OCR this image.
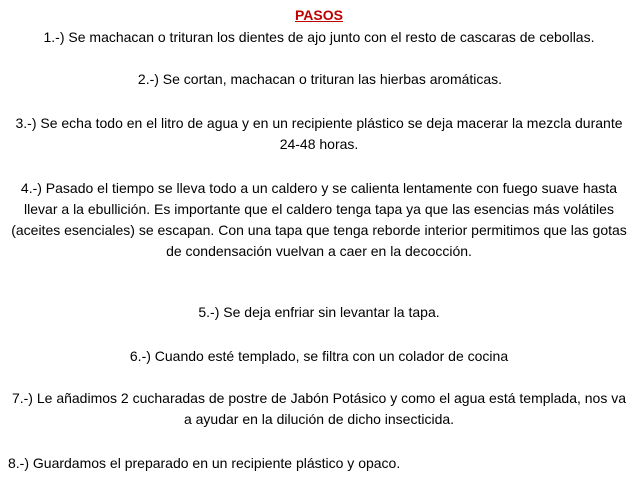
PASOS
1.-) Se machacan o trituran los dientes de ajo junto con el resto de cascaras de cebollas.
2.-) Se cortan, machacan o trituran las hierbas aromáticas.
3.-) Se echa todo en el litro de agua y en un recipiente plástico se deja macerar la mezcla durante 24-48 horas.
4.-) Pasado el tiempo se lleva todo a un caldero y se calienta lentamente con fuego suave hasta llevar a la ebullición. Es importante que el caldero tenga tapa ya que las esencias más volátiles (aceites esenciales) se escapan. Con una tapa que tenga reborde interior permitimos que las gotas de condensación vuelvan a caer en la decocción.
5.-) Se deja enfriar sin levantar la tapa.
6.-) Cuando esté templado, se filtra con un colador de cocina
7.-) Le añadimos 2 cucharadas de postre de Jabón Potásico y como el agua está templada, nos va a ayudar en la dilución de dicho insecticida.
8.-) Guardamos el preparado en un recipiente plástico y opaco.
